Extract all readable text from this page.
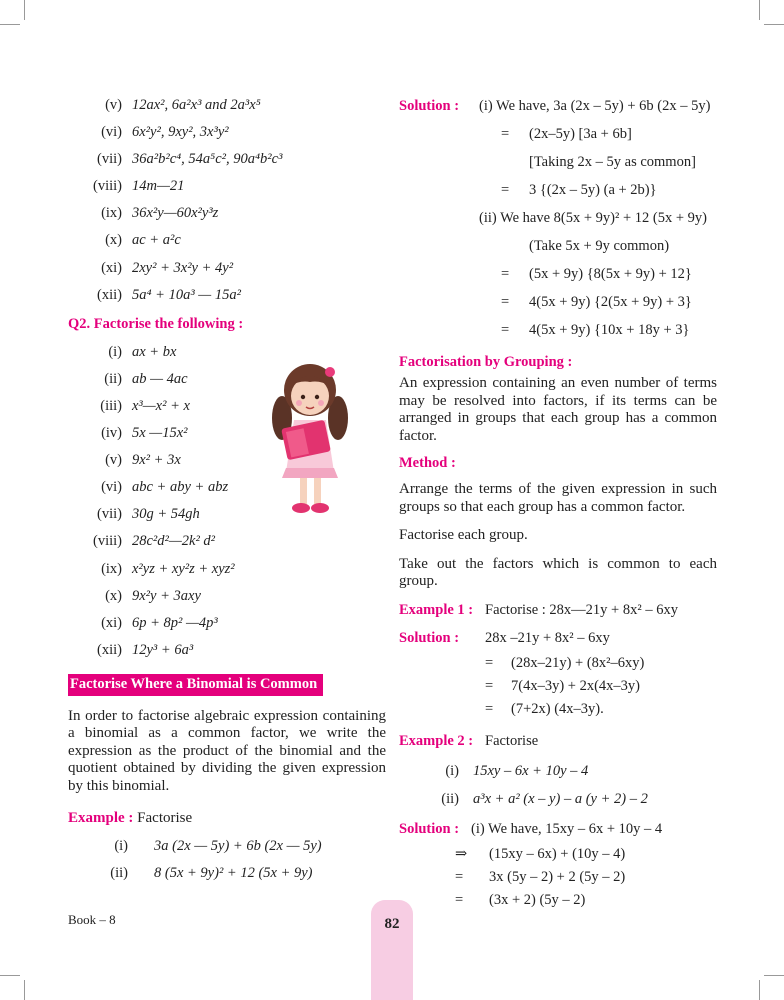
(v) 12ax², 6a²x³ and 2a³x⁵
(vi) 6x²y², 9xy², 3x³y²
(vii) 36a²b²c⁴, 54a⁵c², 90a⁴b²c³
(viii) 14m—21
(ix) 36x²y—60x²y³z
(x) ac + a²c
(xi) 2xy² + 3x²y + 4y²
(xii) 5a⁴ + 10a³ — 15a²
Q2. Factorise the following :
(i) ax + bx
(ii) ab — 4ac
(iii) x³—x² + x
(iv) 5x —15x²
(v) 9x² + 3x
(vi) abc + aby + abz
(vii) 30g + 54gh
(viii) 28c²d²—2k² d²
(ix) x²yz + xy²z + xyz²
(x) 9x²y + 3axy
(xi) 6p + 8p² —4p³
(xii) 12y³ + 6a³
Factorise Where a Binomial is Common
In order to factorise algebraic expression containing a binomial as a common factor, we write the expression as the product of the binomial and the quotient obtained by dividing the given expression by this binomial.
Example : Factorise
(i) 3a (2x — 5y) + 6b (2x — 5y)
(ii) 8 (5x + 9y)² + 12 (5x + 9y)
Solution : (i) We have, 3a (2x – 5y) + 6b (2x – 5y)
= (2x–5y) [3a + 6b]
[Taking 2x – 5y as common]
= 3 {(2x – 5y) (a + 2b)}
(ii) We have 8(5x + 9y)² + 12 (5x + 9y)
(Take 5x + 9y common)
= (5x + 9y) {8(5x + 9y) + 12}
= 4(5x + 9y) {2(5x + 9y) + 3}
= 4(5x + 9y) {10x + 18y + 3}
Factorisation by Grouping :
An expression containing an even number of terms may be resolved into factors, if its terms can be arranged in groups that each group has a common factor.
Method :
Arrange the terms of the given expression in such groups so that each group has a common factor.
Factorise each group.
Take out the factors which is common to each group.
Example 1 : Factorise : 28x—21y + 8x² – 6xy
Solution : 28x –21y + 8x² – 6xy
= (28x–21y) + (8x²–6xy)
= 7(4x–3y) + 2x(4x–3y)
= (7+2x) (4x–3y).
Example 2 : Factorise
(i) 15xy – 6x + 10y – 4
(ii) a³x + a² (x – y) – a (y + 2) – 2
Solution : (i) We have, 15xy – 6x + 10y – 4
⇒ (15xy – 6x) + (10y – 4)
= 3x (5y – 2) + 2 (5y – 2)
= (3x + 2) (5y – 2)
Book – 8	82
